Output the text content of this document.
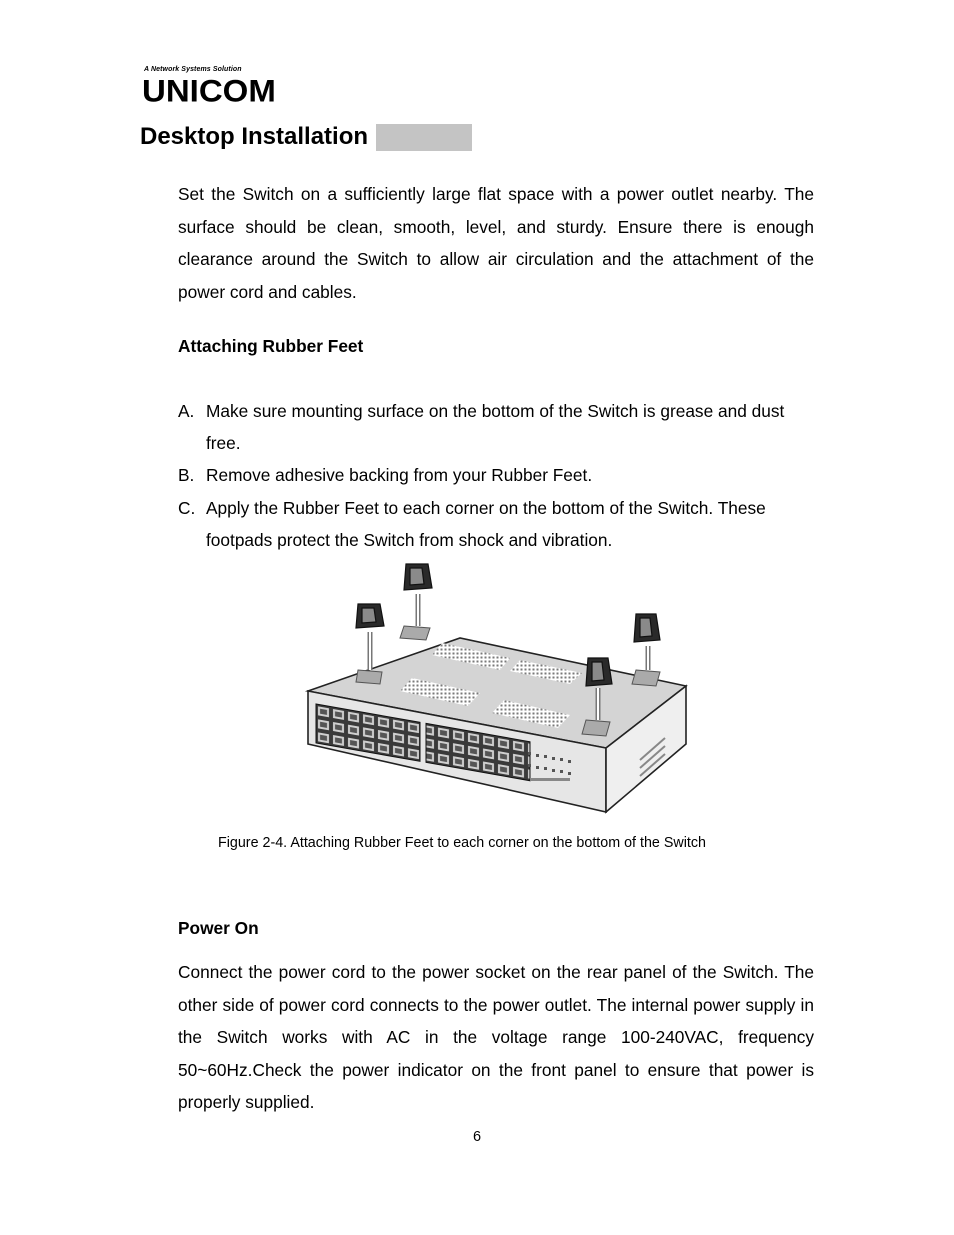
A Network Systems Solution
UNICOM
Desktop Installation
Set the Switch on a sufficiently large flat space with a power outlet nearby. The surface should be clean, smooth, level, and sturdy. Ensure there is enough clearance around the Switch to allow air circulation and the attachment of the power cord and cables.
Attaching Rubber Feet
A. Make sure mounting surface on the bottom of the Switch is grease and dust free.
B. Remove adhesive backing from your Rubber Feet.
C. Apply the Rubber Feet to each corner on the bottom of the Switch. These footpads protect the Switch from shock and vibration.
Figure 2-4. Attaching Rubber Feet to each corner on the bottom of the Switch
Power On
Connect the power cord to the power socket on the rear panel of the Switch. The other side of power cord connects to the power outlet. The internal power supply in the Switch works with AC in the voltage range 100-240VAC, frequency 50~60Hz.Check the power indicator on the front panel to ensure that power is properly supplied.
6
